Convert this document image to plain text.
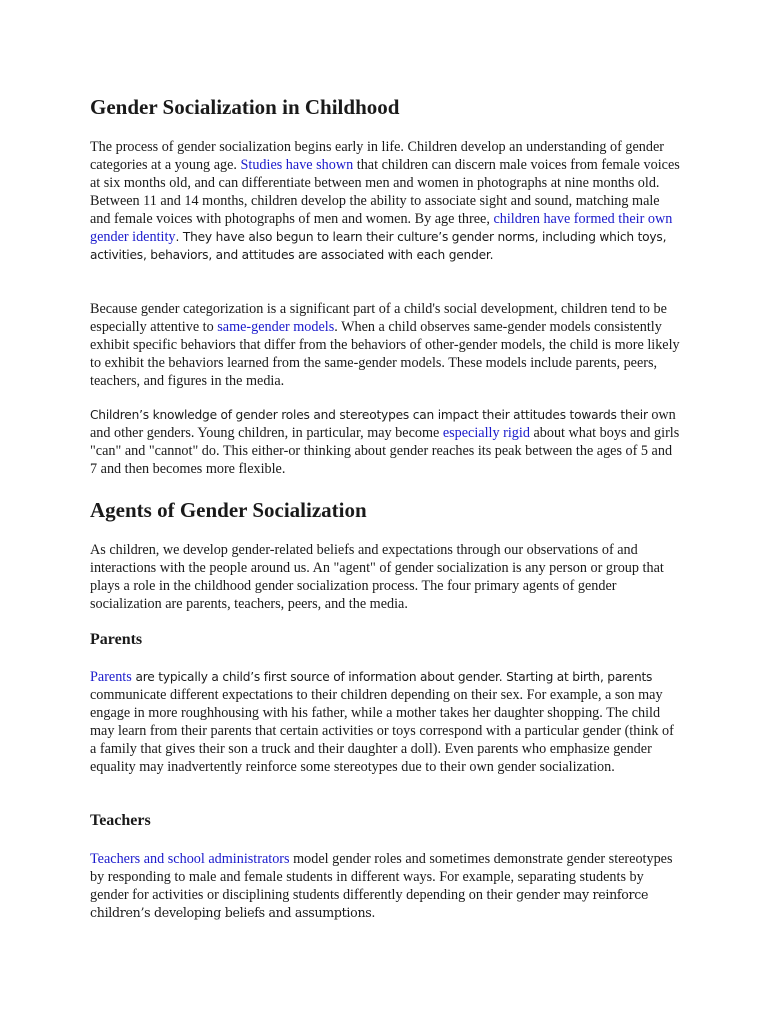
Gender Socialization in Childhood

The process of gender socialization begins early in life. Children develop an understanding of gender categories at a young age. Studies have shown that children can discern male voices from female voices at six months old, and can differentiate between men and women in photographs at nine months old. Between 11 and 14 months, children develop the ability to associate sight and sound, matching male and female voices with photographs of men and women. By age three, children have formed their own gender identity. They have also begun to learn their culture’s gender norms, including which toys, activities, behaviors, and attitudes are associated with each gender.

Because gender categorization is a significant part of a child's social development, children tend to be especially attentive to same-gender models. When a child observes same-gender models consistently exhibit specific behaviors that differ from the behaviors of other-gender models, the child is more likely to exhibit the behaviors learned from the same-gender models. These models include parents, peers, teachers, and figures in the media.

Children’s knowledge of gender roles and stereotypes can impact their attitudes towards their own and other genders. Young children, in particular, may become especially rigid about what boys and girls "can" and "cannot" do. This either-or thinking about gender reaches its peak between the ages of 5 and 7 and then becomes more flexible.

Agents of Gender Socialization

As children, we develop gender-related beliefs and expectations through our observations of and interactions with the people around us. An "agent" of gender socialization is any person or group that plays a role in the childhood gender socialization process. The four primary agents of gender socialization are parents, teachers, peers, and the media.

Parents

Parents are typically a child’s first source of information about gender. Starting at birth, parents communicate different expectations to their children depending on their sex. For example, a son may engage in more roughhousing with his father, while a mother takes her daughter shopping. The child may learn from their parents that certain activities or toys correspond with a particular gender (think of a family that gives their son a truck and their daughter a doll). Even parents who emphasize gender equality may inadvertently reinforce some stereotypes due to their own gender socialization.

Teachers

Teachers and school administrators model gender roles and sometimes demonstrate gender stereotypes by responding to male and female students in different ways. For example, separating students by gender for activities or disciplining students differently depending on their gender may reinforce children’s developing beliefs and assumptions.
